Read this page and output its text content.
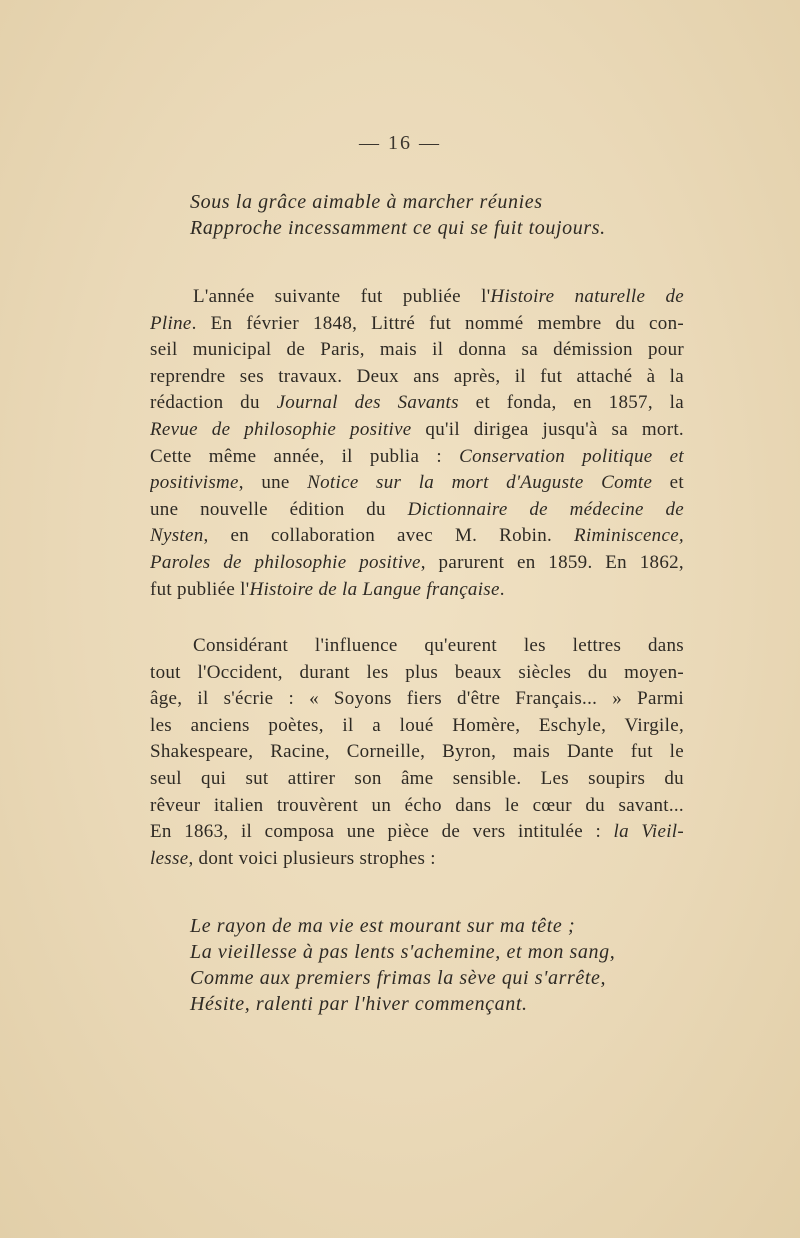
— 16 —
Sous la grâce aimable à marcher réunies
Rapproche incessamment ce qui se fuit toujours.
L'année suivante fut publiée l'Histoire naturelle de
Pline. En février 1848, Littré fut nommé membre du con-
seil municipal de Paris, mais il donna sa démission pour
reprendre ses travaux. Deux ans après, il fut attaché à la
rédaction du Journal des Savants et fonda, en 1857, la
Revue de philosophie positive qu'il dirigea jusqu'à sa mort.
Cette même année, il publia : Conservation politique et
positivisme, une Notice sur la mort d'Auguste Comte et
une nouvelle édition du Dictionnaire de médecine de
Nysten, en collaboration avec M. Robin. Riminiscence,
Paroles de philosophie positive, parurent en 1859. En 1862,
fut publiée l'Histoire de la Langue française.
Considérant l'influence qu'eurent les lettres dans
tout l'Occident, durant les plus beaux siècles du moyen-
âge, il s'écrie : « Soyons fiers d'être Français... » Parmi
les anciens poètes, il a loué Homère, Eschyle, Virgile,
Shakespeare, Racine, Corneille, Byron, mais Dante fut le
seul qui sut attirer son âme sensible. Les soupirs du
rêveur italien trouvèrent un écho dans le cœur du savant...
En 1863, il composa une pièce de vers intitulée : la Vieil-
lesse, dont voici plusieurs strophes :
Le rayon de ma vie est mourant sur ma tête ;
La vieillesse à pas lents s'achemine, et mon sang,
Comme aux premiers frimas la sève qui s'arrête,
Hésite, ralenti par l'hiver commençant.
